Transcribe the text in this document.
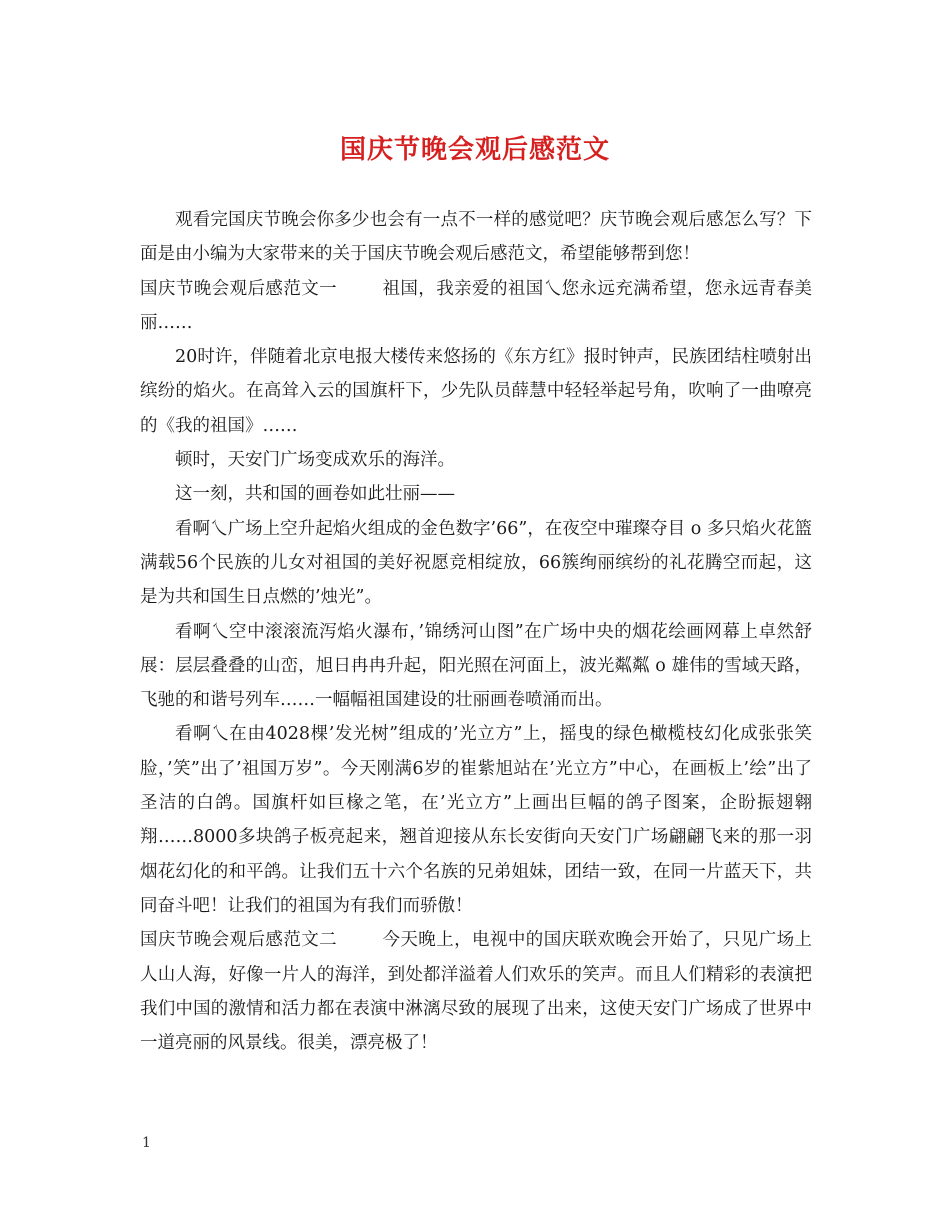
国庆节晚会观后感范文

观看完国庆节晚会你多少也会有一点不一样的感觉吧？庆节晚会观后感怎么写？下面是由小编为大家带来的关于国庆节晚会观后感范文，希望能够帮到您！

国庆节晚会观后感范文一	祖国，我亲爱的祖国乀您永远充满希望，您永远青春美丽……

20时许，伴随着北京电报大楼传来悠扬的《东方红》报时钟声，民族团结柱喷射出缤纷的焰火。在高耸入云的国旗杆下，少先队员薛慧中轻轻举起号角，吹响了一曲嘹亮的《我的祖国》……

顿时，天安门广场变成欢乐的海洋。

这一刻，共和国的画卷如此壮丽——

看啊乀广场上空升起焰火组成的金色数字’66”，在夜空中璀璨夺目 o 多只焰火花篮满载56个民族的儿女对祖国的美好祝愿竞相绽放，66簇绚丽缤纷的礼花腾空而起，这是为共和国生日点燃的’烛光”。

看啊乀空中滚滚流泻焰火瀑布，’锦绣河山图”在广场中央的烟花绘画网幕上卓然舒展：层层叠叠的山峦，旭日冉冉升起，阳光照在河面上，波光粼粼 o 雄伟的雪域天路，飞驰的和谐号列车……一幅幅祖国建设的壮丽画卷喷涌而出。

看啊乀在由4028棵’发光树”组成的’光立方”上，摇曳的绿色橄榄枝幻化成张张笑脸，’笑”出了’祖国万岁”。今天刚满6岁的崔紫旭站在’光立方”中心，在画板上’绘”出了圣洁的白鸽。国旗杆如巨椽之笔，在’光立方”上画出巨幅的鸽子图案，企盼振翅翱翔……8000多块鸽子板亮起来，翘首迎接从东长安街向天安门广场翩翩飞来的那一羽烟花幻化的和平鸽。让我们五十六个名族的兄弟姐妹，团结一致，在同一片蓝天下，共同奋斗吧！让我们的祖国为有我们而骄傲！

国庆节晚会观后感范文二	今天晚上，电视中的国庆联欢晚会开始了，只见广场上人山人海，好像一片人的海洋，到处都洋溢着人们欢乐的笑声。而且人们精彩的表演把我们中国的激情和活力都在表演中淋漓尽致的展现了出来，这使天安门广场成了世界中一道亮丽的风景线。很美，漂亮极了！

1
